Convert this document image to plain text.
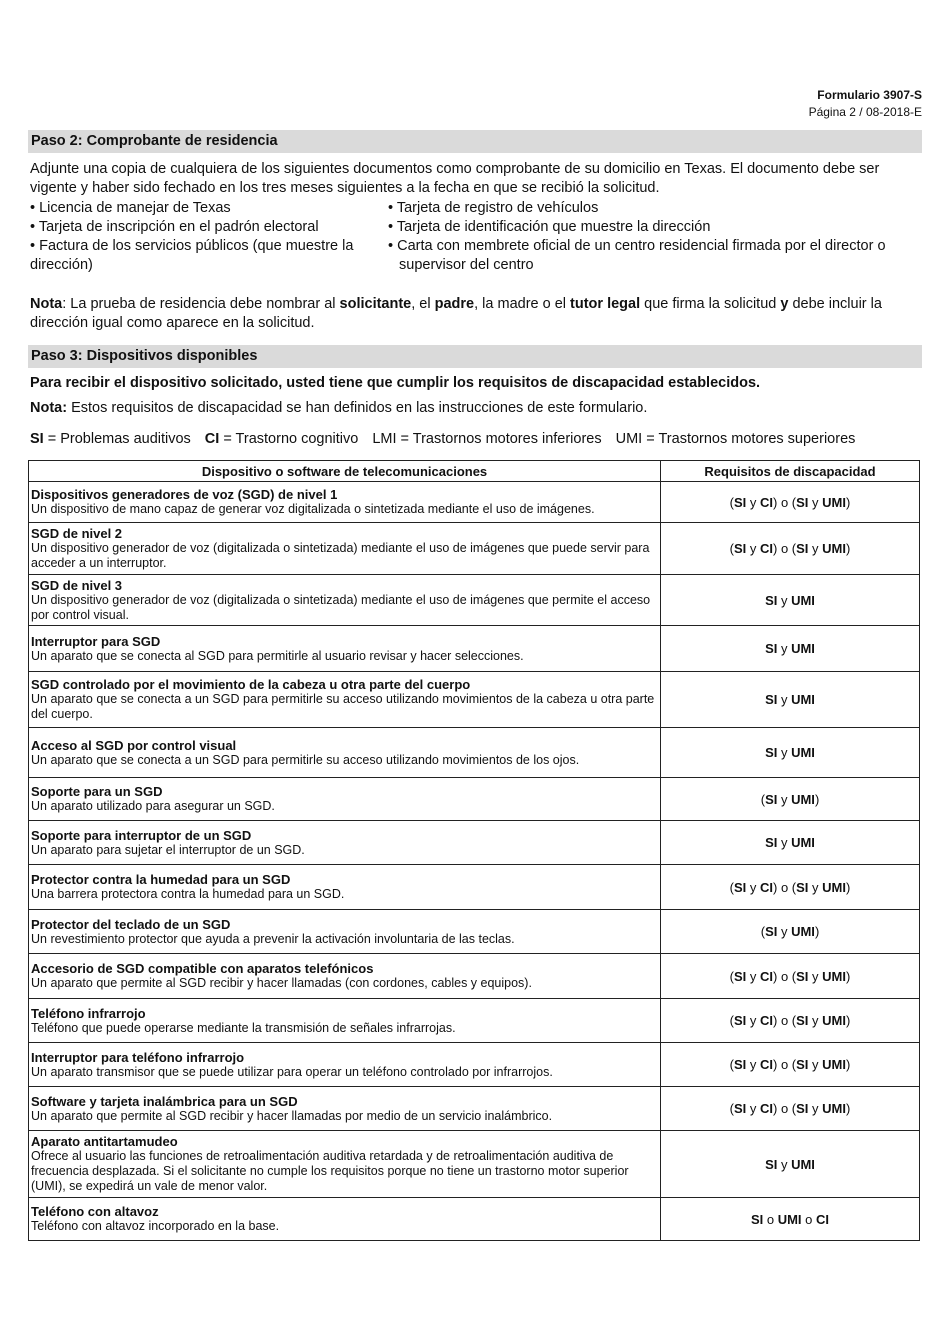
Formulario 3907-S
Página 2 / 08-2018-E
Paso 2: Comprobante de residencia
Adjunte una copia de cualquiera de los siguientes documentos como comprobante de su domicilio en Texas. El documento debe ser vigente y haber sido fechado en los tres meses siguientes a la fecha en que se recibió la solicitud.
• Licencia de manejar de Texas
• Tarjeta de inscripción en el padrón electoral
• Factura de los servicios públicos (que muestre la dirección)
• Tarjeta de registro de vehículos
• Tarjeta de identificación que muestre la dirección
• Carta con membrete oficial de un centro residencial firmada por el director o supervisor del centro
Nota: La prueba de residencia debe nombrar al solicitante, el padre, la madre o el tutor legal que firma la solicitud y debe incluir la dirección igual como aparece en la solicitud.
Paso 3: Dispositivos disponibles
Para recibir el dispositivo solicitado, usted tiene que cumplir los requisitos de discapacidad establecidos.
Nota: Estos requisitos de discapacidad se han definidos en las instrucciones de este formulario.
SI = Problemas auditivos CI = Trastorno cognitivo LMI = Trastornos motores inferiores UMI = Trastornos motores superiores
Dispositivo o software de telecomunicaciones	Requisitos de discapacidad

Dispositivos generadores de voz (SGD) de nivel 1
Un dispositivo de mano capaz de generar voz digitalizada o sintetizada mediante el uso de imágenes.	(SI y CI) o (SI y UMI)

SGD de nivel 2
Un dispositivo generador de voz (digitalizada o sintetizada) mediante el uso de imágenes que puede servir para acceder a un interruptor.	(SI y CI) o (SI y UMI)

SGD de nivel 3
Un dispositivo generador de voz (digitalizada o sintetizada) mediante el uso de imágenes que permite el acceso por control visual.	SI y UMI

Interruptor para SGD
Un aparato que se conecta al SGD para permitirle al usuario revisar y hacer selecciones.	SI y UMI

SGD controlado por el movimiento de la cabeza u otra parte del cuerpo
Un aparato que se conecta a un SGD para permitirle su acceso utilizando movimientos de la cabeza u otra parte del cuerpo.	SI y UMI

Acceso al SGD por control visual
Un aparato que se conecta a un SGD para permitirle su acceso utilizando movimientos de los ojos.	SI y UMI

Soporte para un SGD
Un aparato utilizado para asegurar un SGD.	(SI y UMI)

Soporte para interruptor de un SGD
Un aparato para sujetar el interruptor de un SGD.	SI y UMI

Protector contra la humedad para un SGD
Una barrera protectora contra la humedad para un SGD.	(SI y CI) o (SI y UMI)

Protector del teclado de un SGD
Un revestimiento protector que ayuda a prevenir la activación involuntaria de las teclas.	(SI y UMI)

Accesorio de SGD compatible con aparatos telefónicos
Un aparato que permite al SGD recibir y hacer llamadas (con cordones, cables y equipos).	(SI y CI) o (SI y UMI)

Teléfono infrarrojo
Teléfono que puede operarse mediante la transmisión de señales infrarrojas.	(SI y CI) o (SI y UMI)

Interruptor para teléfono infrarrojo
Un aparato transmisor que se puede utilizar para operar un teléfono controlado por infrarrojos.	(SI y CI) o (SI y UMI)

Software y tarjeta inalámbrica para un SGD
Un aparato que permite al SGD recibir y hacer llamadas por medio de un servicio inalámbrico.	(SI y CI) o (SI y UMI)

Aparato antitartamudeo
Ofrece al usuario las funciones de retroalimentación auditiva retardada y de retroalimentación auditiva de frecuencia desplazada. Si el solicitante no cumple los requisitos porque no tiene un trastorno motor superior (UMI), se expedirá un vale de menor valor.	SI y UMI

Teléfono con altavoz
Teléfono con altavoz incorporado en la base.	SI o UMI o CI
